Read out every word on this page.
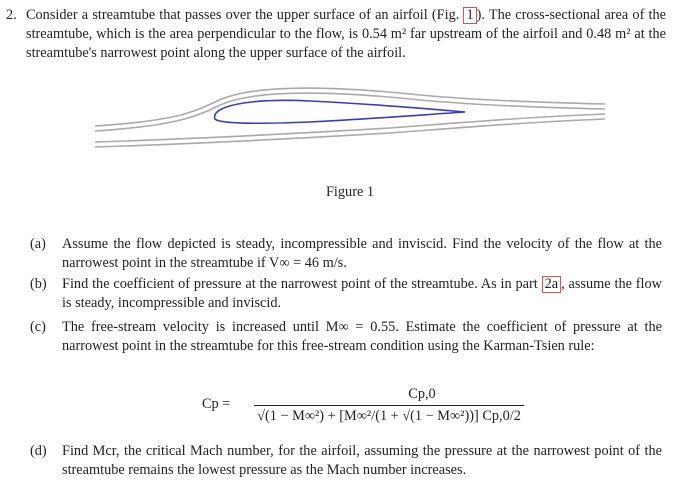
2. Consider a streamtube that passes over the upper surface of an airfoil (Fig. 1 ). The cross-sectional area of the streamtube, which is the area perpendicular to the flow, is 0.54 m² far upstream of the airfoil and 0.48 m² at the streamtube's narrowest point along the upper surface of the airfoil.
Figure 1
(a) Assume the flow depicted is steady, incompressible and inviscid. Find the velocity of the flow at the narrowest point in the streamtube if V∞ = 46 m/s.
(b) Find the coefficient of pressure at the narrowest point of the streamtube. As in part 2a , assume the flow is steady, incompressible and inviscid.
(c) The free-stream velocity is increased until M∞ = 0.55. Estimate the coefficient of pressure at the narrowest point in the streamtube for this free-stream condition using the Karman-Tsien rule:
Cp =
Cp,0
√(1 − M∞²) + [M∞²/(1 + √(1 − M∞²))] Cp,0/2
(d) Find Mcr, the critical Mach number, for the airfoil, assuming the pressure at the narrowest point of the streamtube remains the lowest pressure as the Mach number increases.
